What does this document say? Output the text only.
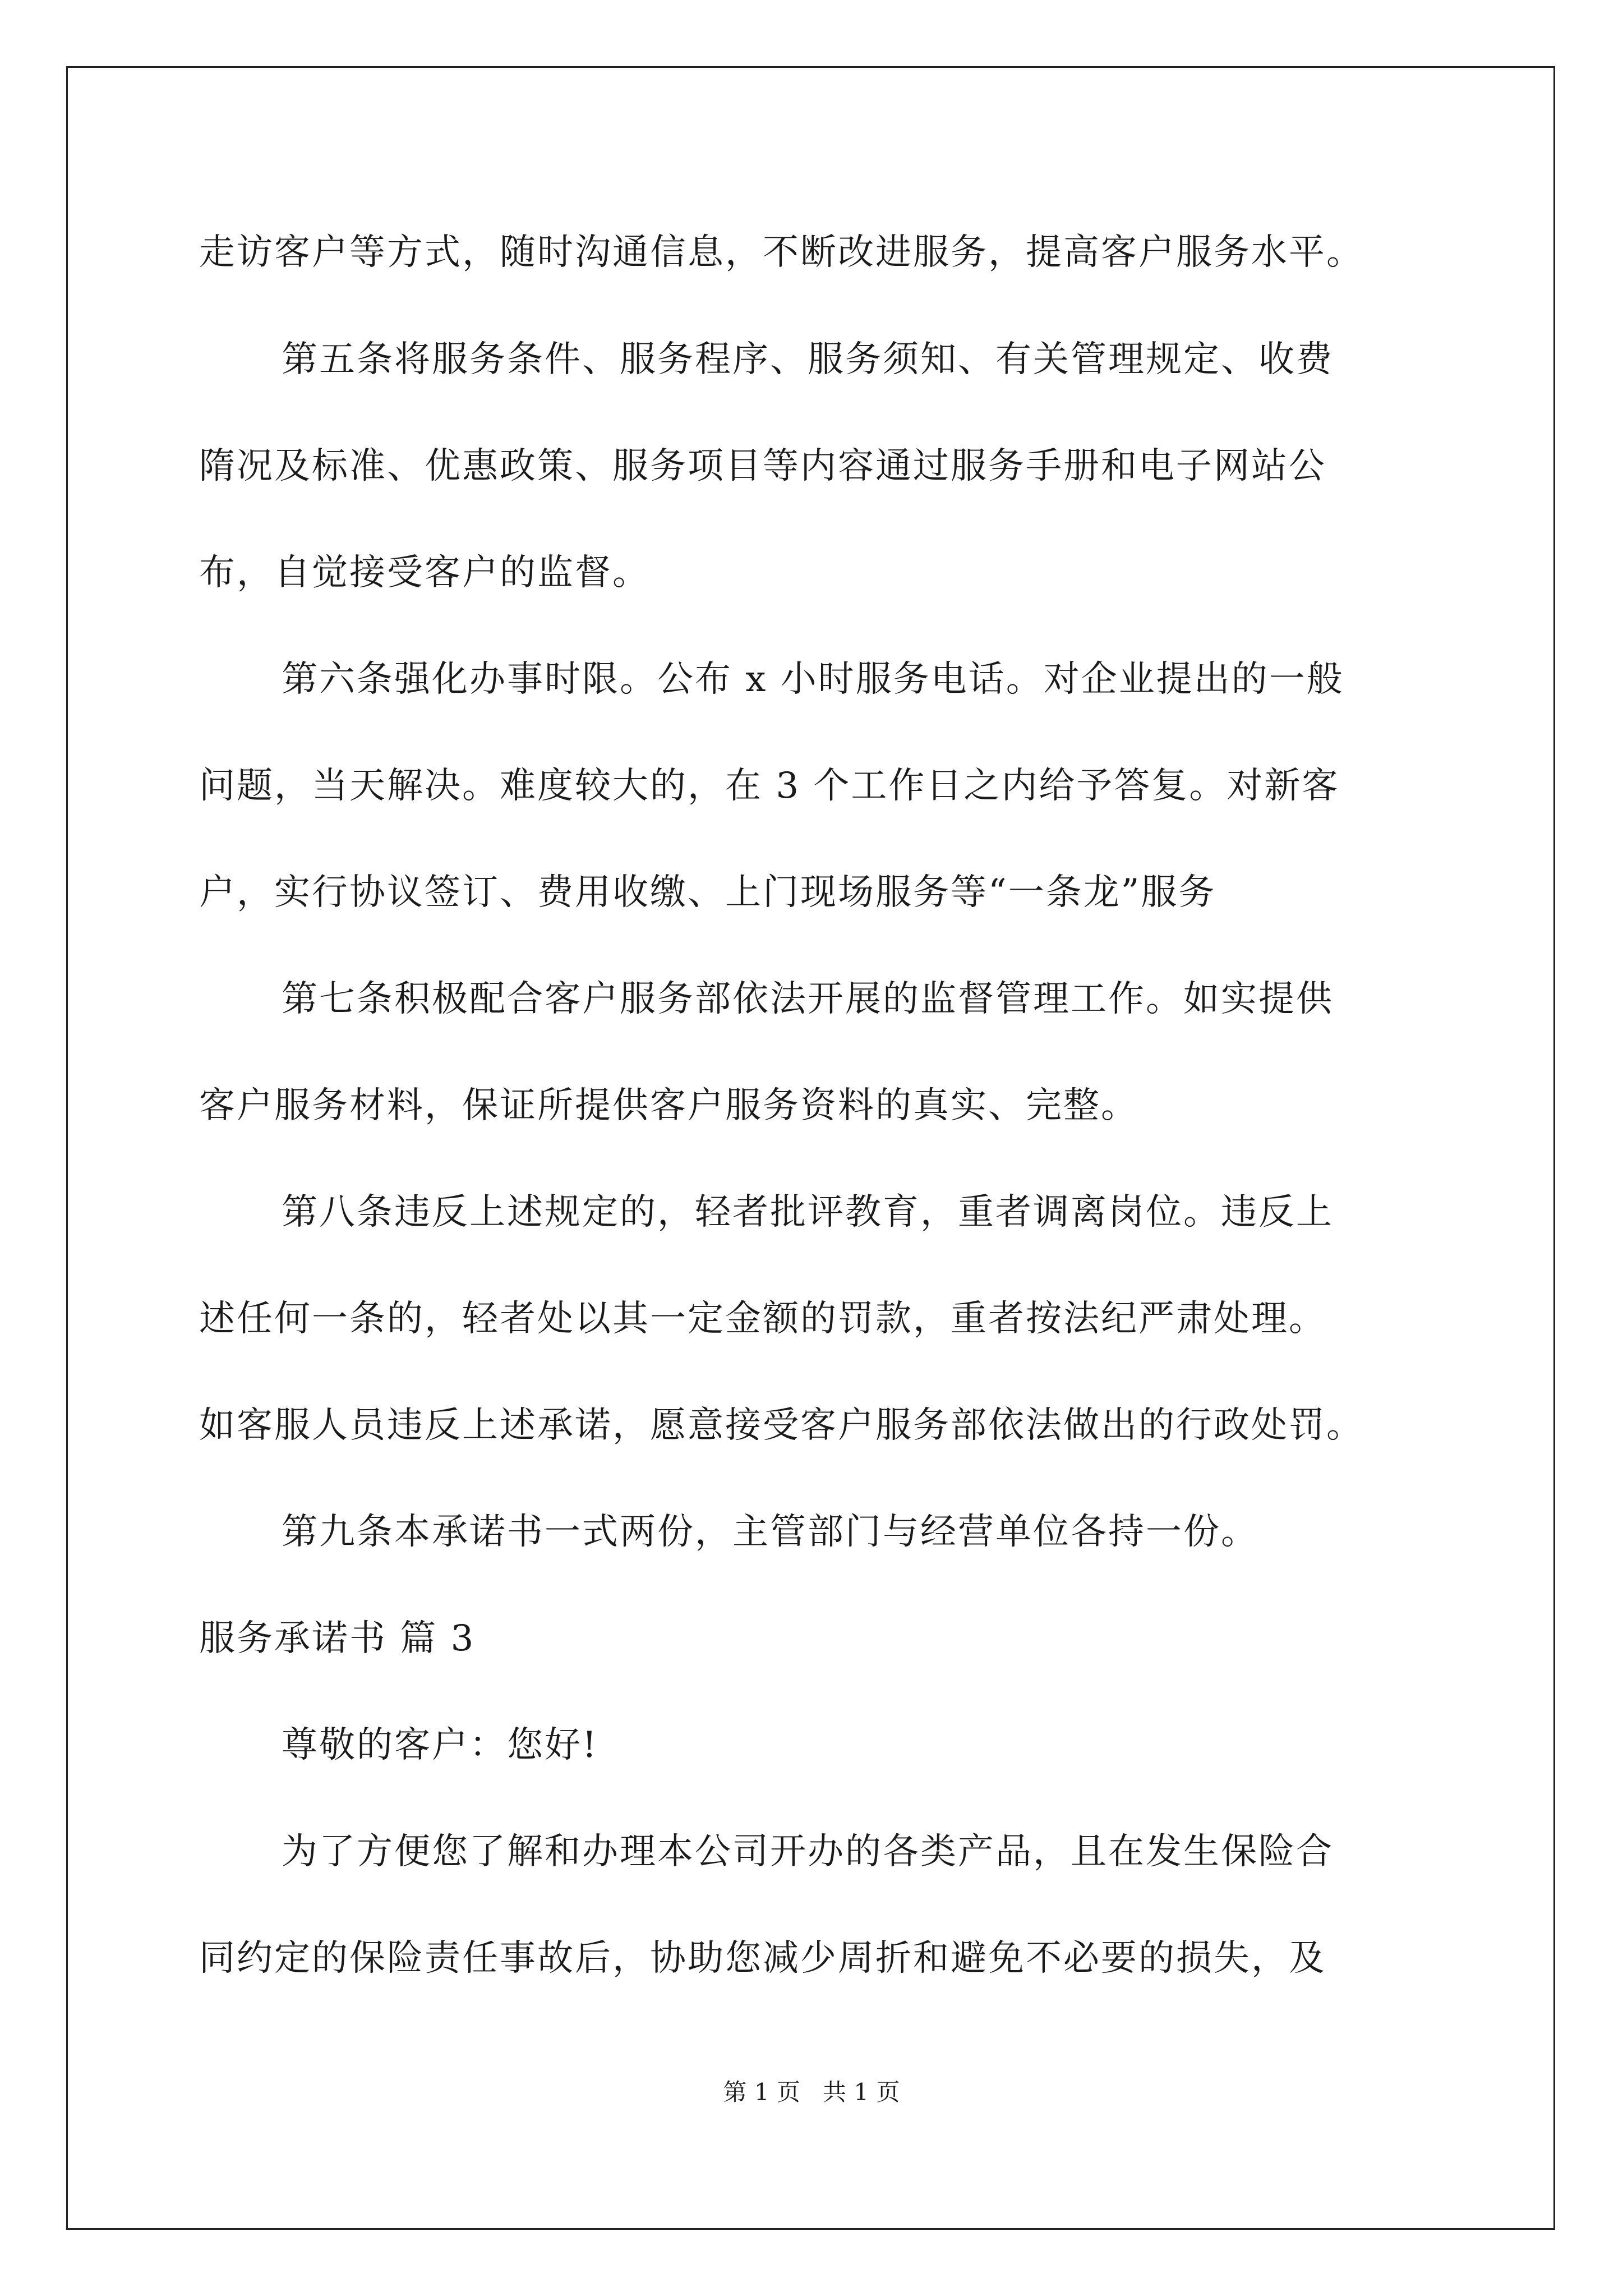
走访客户等方式，随时沟通信息，不断改进服务，提高客户服务水平。
第五条将服务条件、服务程序、服务须知、有关管理规定、收费
隋况及标准、优惠政策、服务项目等内容通过服务手册和电子网站公
布，自觉接受客户的监督。
第六条强化办事时限。公布 x 小时服务电话。对企业提出的一般
问题，当天解决。难度较大的，在 3 个工作日之内给予答复。对新客
户，实行协议签订、费用收缴、上门现场服务等“一条龙”服务
第七条积极配合客户服务部依法开展的监督管理工作。如实提供
客户服务材料，保证所提供客户服务资料的真实、完整。
第八条违反上述规定的，轻者批评教育，重者调离岗位。违反上
述任何一条的，轻者处以其一定金额的罚款，重者按法纪严肃处理。
如客服人员违反上述承诺，愿意接受客户服务部依法做出的行政处罚。
第九条本承诺书一式两份，主管部门与经营单位各持一份。
服务承诺书 篇 3
尊敬的客户：您好!
为了方便您了解和办理本公司开办的各类产品，且在发生保险合
同约定的保险责任事故后，协助您减少周折和避免不必要的损失，及
第 1 页   共 1 页
